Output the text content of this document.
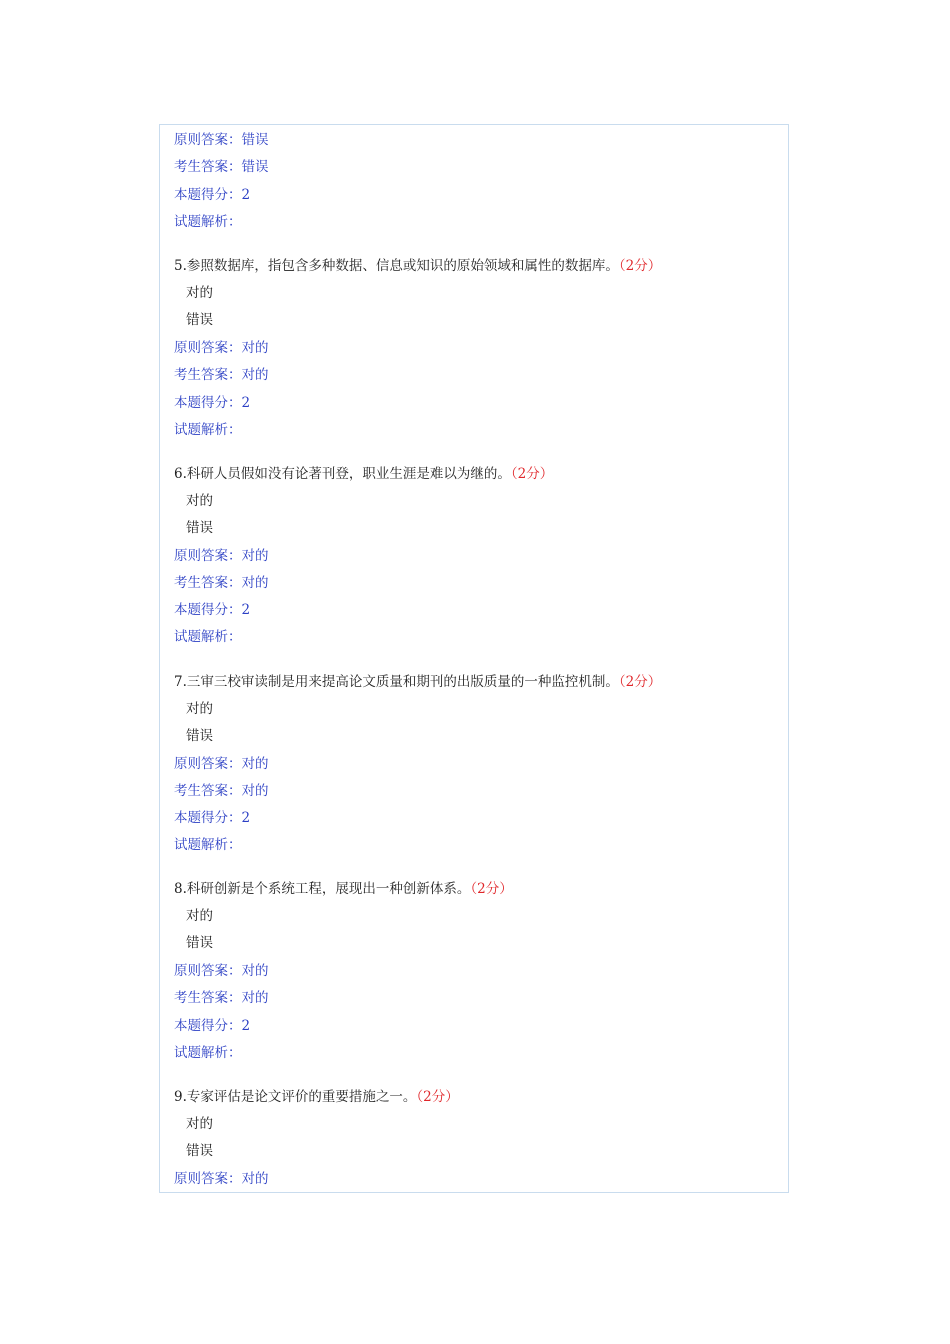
原则答案：错误
考生答案：错误
本题得分：2
试题解析：
5.参照数据库，指包含多种数据、信息或知识的原始领域和属性的数据库。（2分）
对的
错误
原则答案：对的
考生答案：对的
本题得分：2
试题解析：
6.科研人员假如没有论著刊登，职业生涯是难以为继的。（2分）
对的
错误
原则答案：对的
考生答案：对的
本题得分：2
试题解析：
7.三审三校审读制是用来提高论文质量和期刊的出版质量的一种监控机制。（2分）
对的
错误
原则答案：对的
考生答案：对的
本题得分：2
试题解析：
8.科研创新是个系统工程，展现出一种创新体系。（2分）
对的
错误
原则答案：对的
考生答案：对的
本题得分：2
试题解析：
9.专家评估是论文评价的重要措施之一。（2分）
对的
错误
原则答案：对的
